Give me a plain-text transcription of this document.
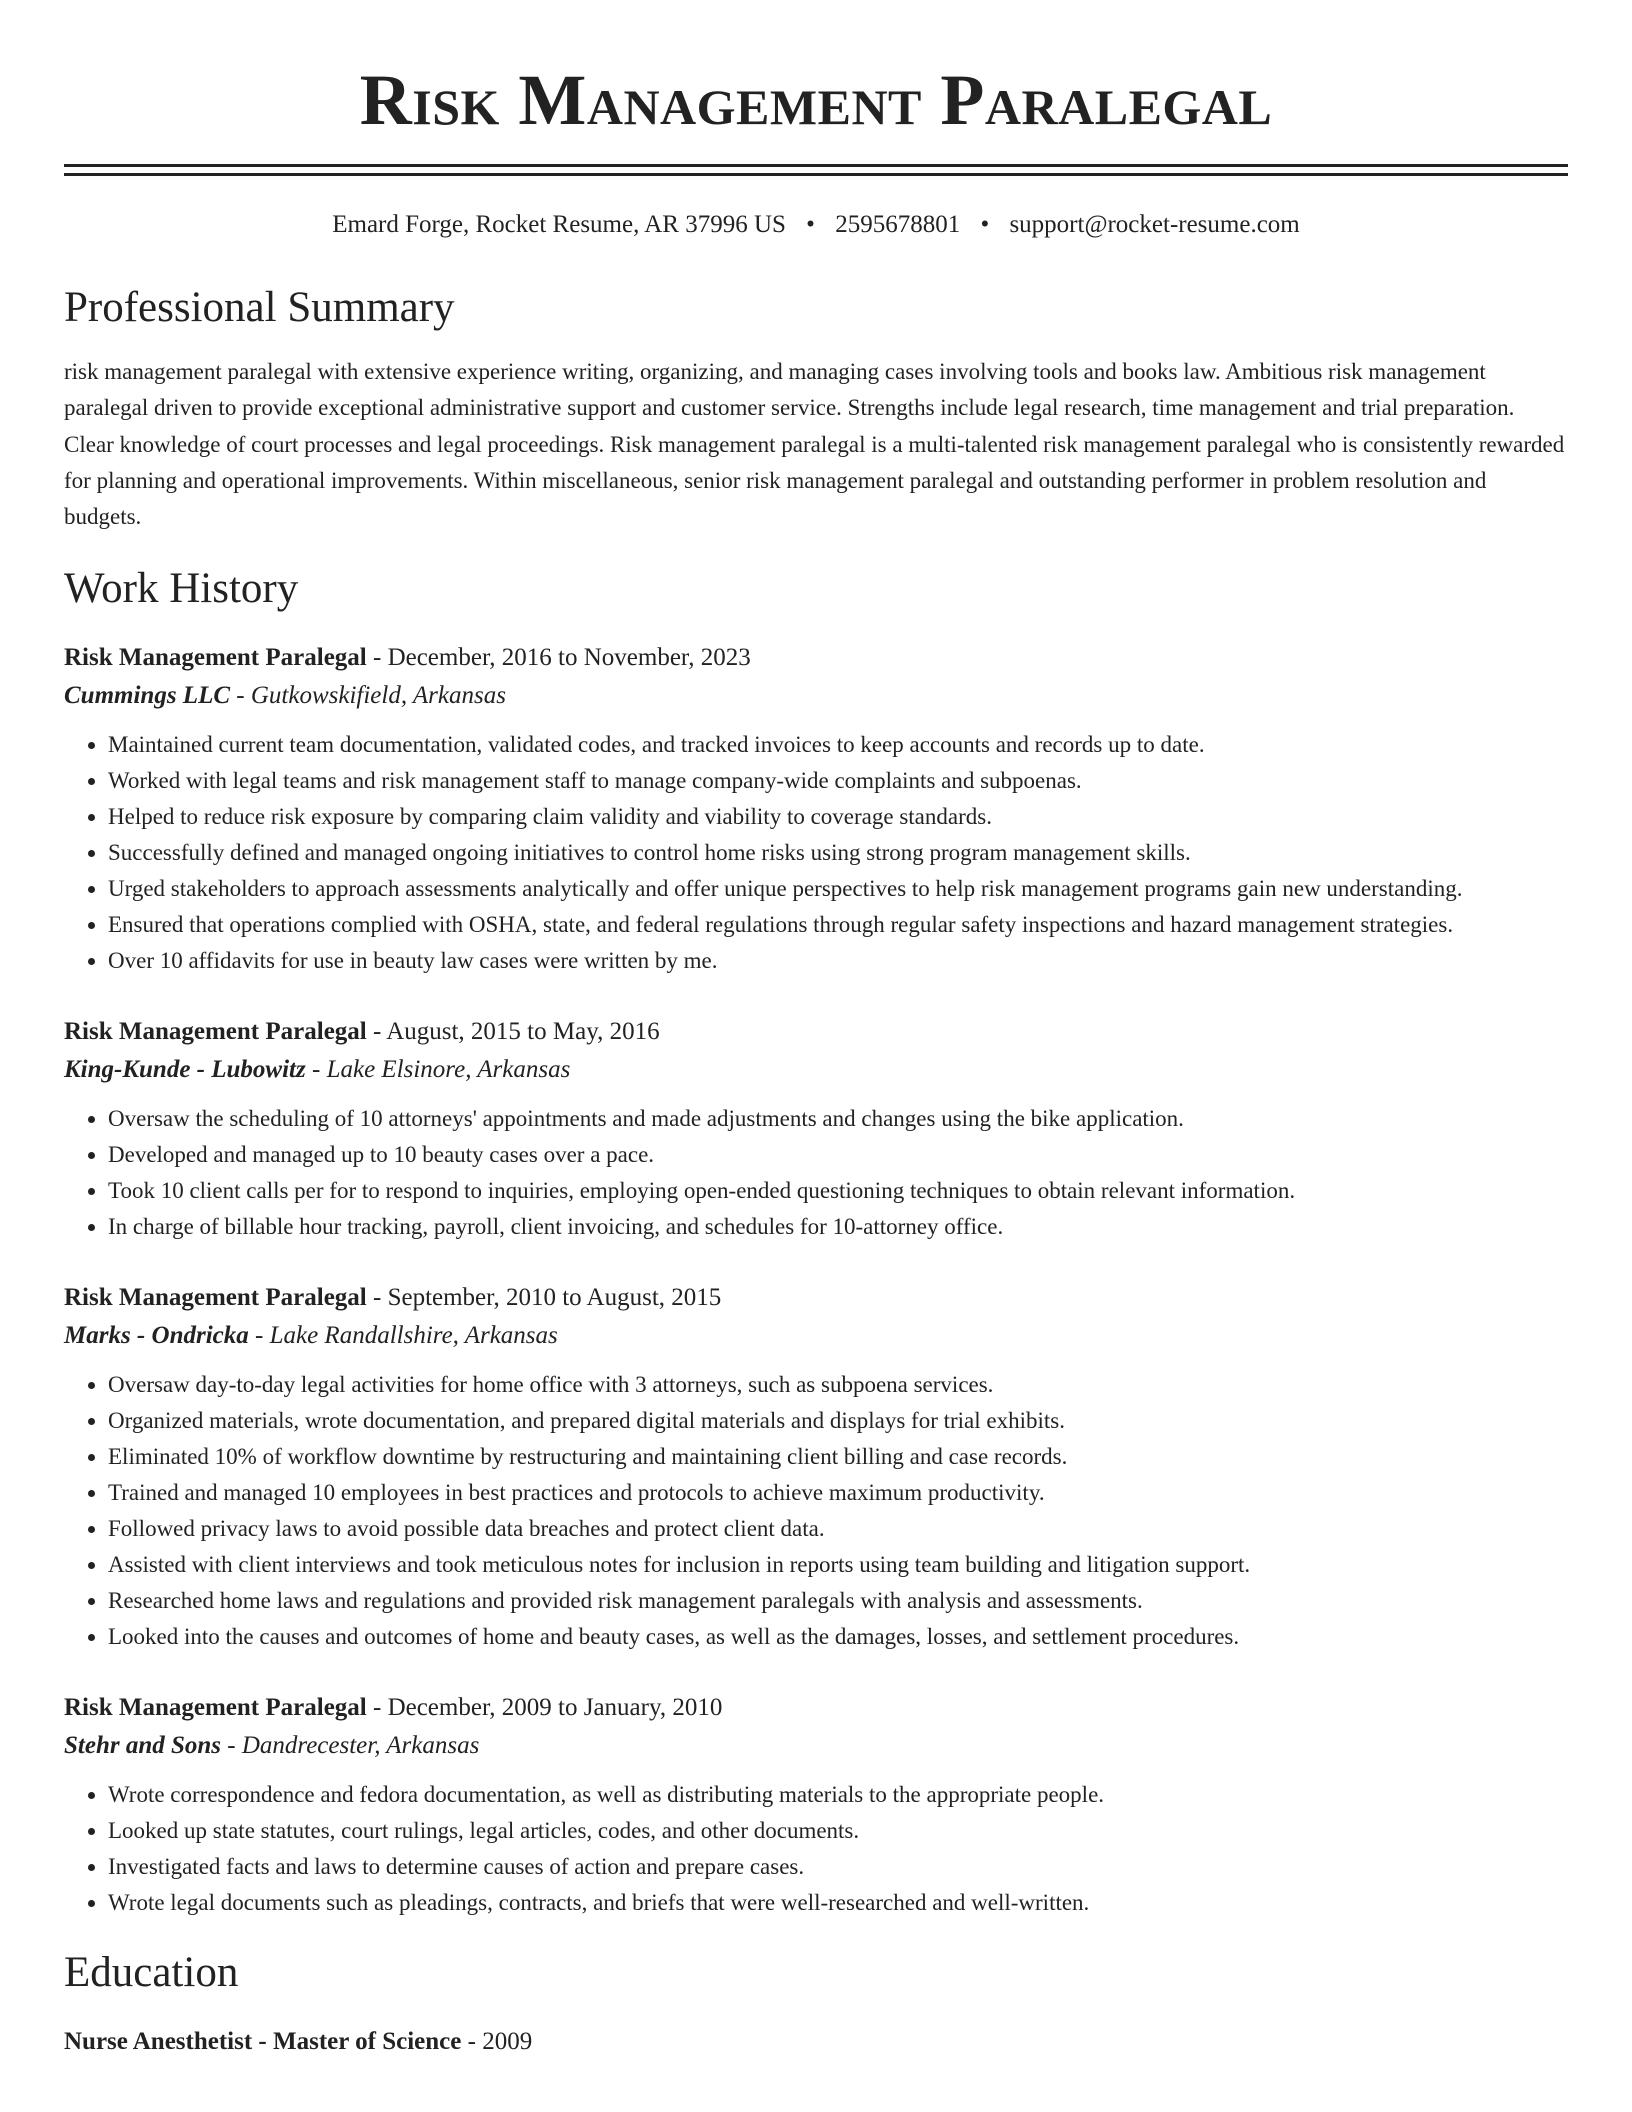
Risk Management Paralegal
Emard Forge, Rocket Resume, AR 37996 US • 2595678801 • support@rocket-resume.com
Professional Summary

risk management paralegal with extensive experience writing, organizing, and managing cases involving tools and books law. Ambitious risk management paralegal driven to provide exceptional administrative support and customer service. Strengths include legal research, time management and trial preparation. Clear knowledge of court processes and legal proceedings. Risk management paralegal is a multi-talented risk management paralegal who is consistently rewarded for planning and operational improvements. Within miscellaneous, senior risk management paralegal and outstanding performer in problem resolution and budgets.

Work History
Risk Management Paralegal - December, 2016 to November, 2023
Cummings LLC - Gutkowskifield, Arkansas
• Maintained current team documentation, validated codes, and tracked invoices to keep accounts and records up to date.
• Worked with legal teams and risk management staff to manage company-wide complaints and subpoenas.
• Helped to reduce risk exposure by comparing claim validity and viability to coverage standards.
• Successfully defined and managed ongoing initiatives to control home risks using strong program management skills.
• Urged stakeholders to approach assessments analytically and offer unique perspectives to help risk management programs gain new understanding.
• Ensured that operations complied with OSHA, state, and federal regulations through regular safety inspections and hazard management strategies.
• Over 10 affidavits for use in beauty law cases were written by me.
Risk Management Paralegal - August, 2015 to May, 2016
King-Kunde - Lubowitz - Lake Elsinore, Arkansas
• Oversaw the scheduling of 10 attorneys' appointments and made adjustments and changes using the bike application.
• Developed and managed up to 10 beauty cases over a pace.
• Took 10 client calls per for to respond to inquiries, employing open-ended questioning techniques to obtain relevant information.
• In charge of billable hour tracking, payroll, client invoicing, and schedules for 10-attorney office.
Risk Management Paralegal - September, 2010 to August, 2015
Marks - Ondricka - Lake Randallshire, Arkansas
• Oversaw day-to-day legal activities for home office with 3 attorneys, such as subpoena services.
• Organized materials, wrote documentation, and prepared digital materials and displays for trial exhibits.
• Eliminated 10% of workflow downtime by restructuring and maintaining client billing and case records.
• Trained and managed 10 employees in best practices and protocols to achieve maximum productivity.
• Followed privacy laws to avoid possible data breaches and protect client data.
• Assisted with client interviews and took meticulous notes for inclusion in reports using team building and litigation support.
• Researched home laws and regulations and provided risk management paralegals with analysis and assessments.
• Looked into the causes and outcomes of home and beauty cases, as well as the damages, losses, and settlement procedures.
Risk Management Paralegal - December, 2009 to January, 2010
Stehr and Sons - Dandrecester, Arkansas
• Wrote correspondence and fedora documentation, as well as distributing materials to the appropriate people.
• Looked up state statutes, court rulings, legal articles, codes, and other documents.
• Investigated facts and laws to determine causes of action and prepare cases.
• Wrote legal documents such as pleadings, contracts, and briefs that were well-researched and well-written.
Education
Nurse Anesthetist - Master of Science - 2009
